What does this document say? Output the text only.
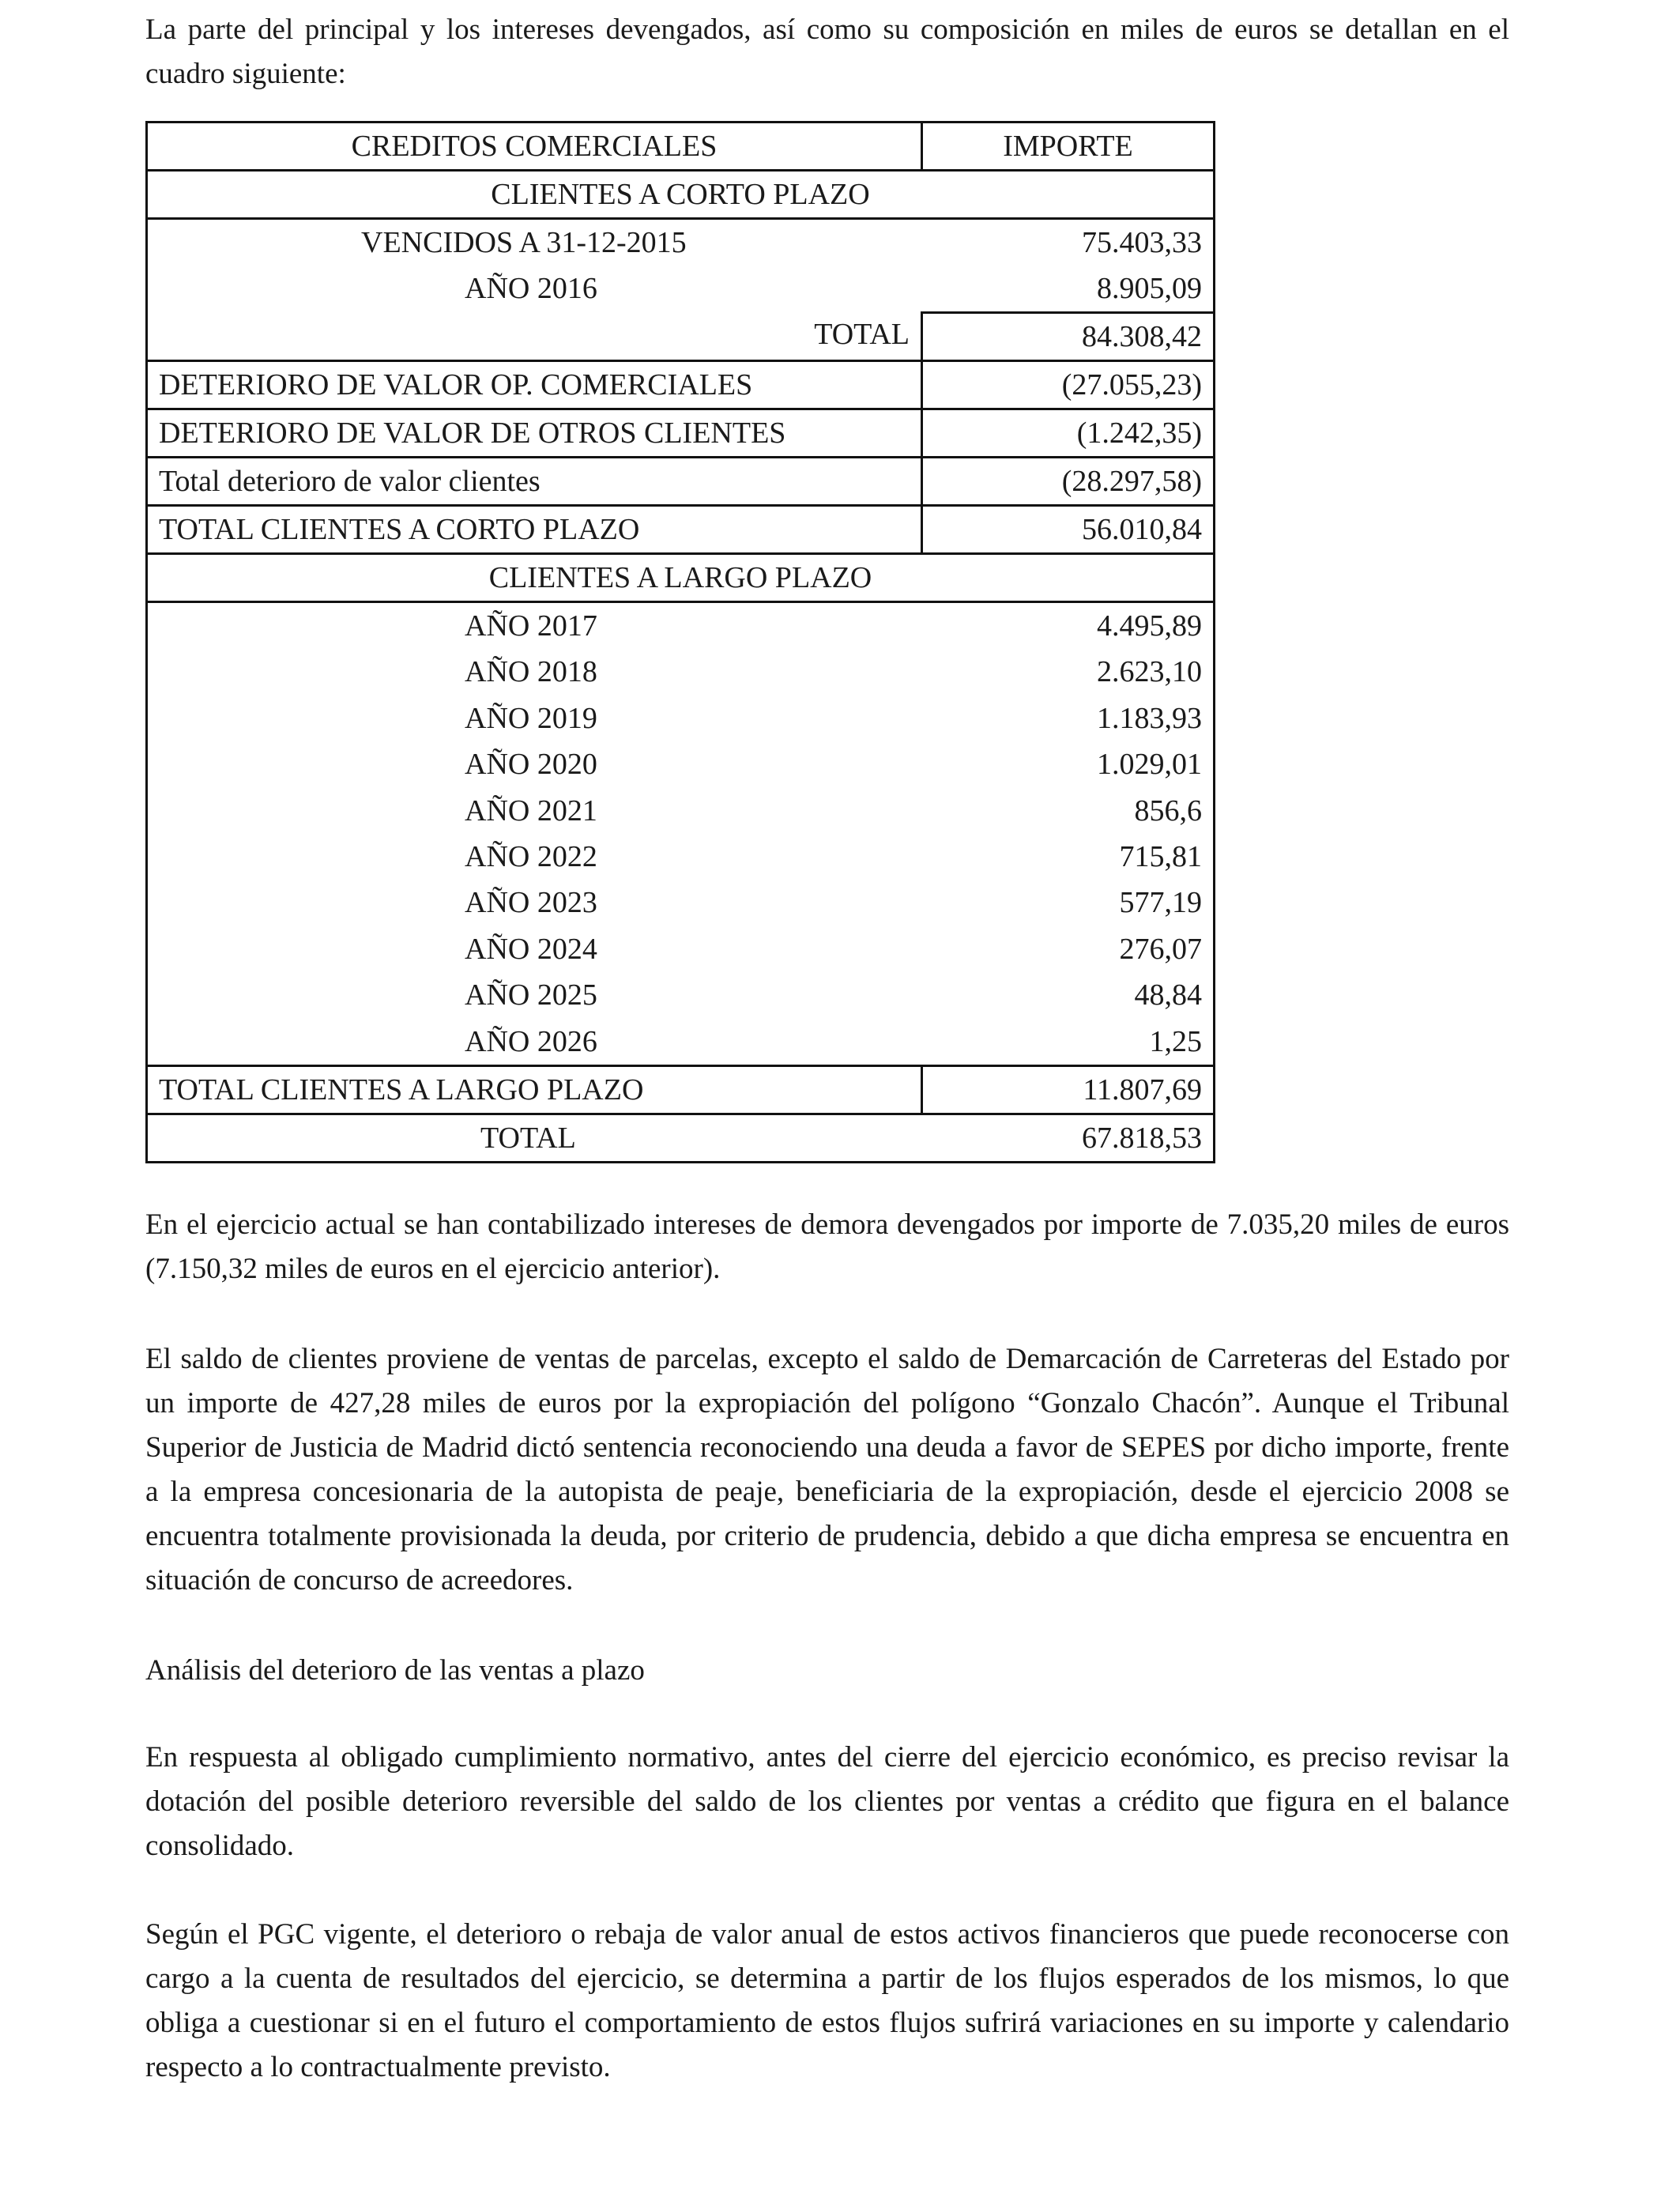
La parte del principal y los intereses devengados, así como su composición en miles de euros se detallan en el cuadro siguiente:

CREDITOS COMERCIALES	IMPORTE
CLIENTES A CORTO PLAZO
VENCIDOS A 31-12-2015	75.403,33
AÑO 2016	8.905,09
TOTAL	84.308,42
DETERIORO DE VALOR OP. COMERCIALES	(27.055,23)
DETERIORO DE VALOR DE OTROS CLIENTES	(1.242,35)
Total deterioro de valor clientes	(28.297,58)
TOTAL CLIENTES A CORTO PLAZO	56.010,84
CLIENTES A LARGO PLAZO
AÑO 2017	4.495,89
AÑO 2018	2.623,10
AÑO 2019	1.183,93
AÑO 2020	1.029,01
AÑO 2021	856,6
AÑO 2022	715,81
AÑO 2023	577,19
AÑO 2024	276,07
AÑO 2025	48,84
AÑO 2026	1,25
TOTAL CLIENTES A LARGO PLAZO	11.807,69
TOTAL	67.818,53

En el ejercicio actual se han contabilizado intereses de demora devengados por importe de 7.035,20 miles de euros (7.150,32 miles de euros en el ejercicio anterior).

El saldo de clientes proviene de ventas de parcelas, excepto el saldo de Demarcación de Carreteras del Estado por un importe de 427,28 miles de euros por la expropiación del polígono “Gonzalo Chacón”. Aunque el Tribunal Superior de Justicia de Madrid dictó sentencia reconociendo una deuda a favor de SEPES por dicho importe, frente a la empresa concesionaria de la autopista de peaje, beneficiaria de la expropiación, desde el ejercicio 2008 se encuentra totalmente provisionada la deuda, por criterio de prudencia, debido a que dicha empresa se encuentra en situación de concurso de acreedores.

Análisis del deterioro de las ventas a plazo

En respuesta al obligado cumplimiento normativo, antes del cierre del ejercicio económico, es preciso revisar la dotación del posible deterioro reversible del saldo de los clientes por ventas a crédito que figura en el balance consolidado.

Según el PGC vigente, el deterioro o rebaja de valor anual de estos activos financieros que puede reconocerse con cargo a la cuenta de resultados del ejercicio, se determina a partir de los flujos esperados de los mismos, lo que obliga a cuestionar si en el futuro el comportamiento de estos flujos sufrirá variaciones en su importe y calendario respecto a lo contractualmente previsto.
